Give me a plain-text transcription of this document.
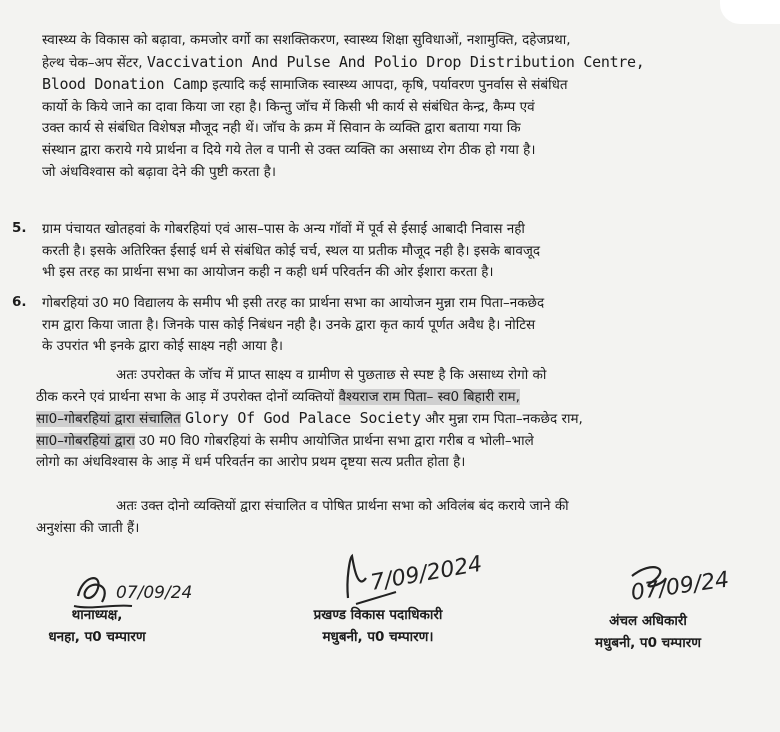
स्वास्थ्य के विकास को बढ़ावा, कमजोर वर्गो का सशक्तिकरण, स्वास्थ्य शिक्षा सुविधाओं, नशामुक्ति, दहेजप्रथा,

हेल्थ चेक–अप सेंटर, Vaccivation And Pulse And Polio Drop Distribution Centre,

Blood Donation Camp इत्यादि कई सामाजिक स्वास्थ्य आपदा, कृषि, पर्यावरण पुनर्वास से संबंधित

कार्यो के किये जाने का दावा किया जा रहा है। किन्तु जॉच में किसी भी कार्य से संबंधित केन्द्र, कैम्प एवं

उक्त कार्य से संबंधित विशेषज्ञ मौजूद नही थें। जॉच के क्रम में सिवान के व्यक्ति द्वारा बताया गया कि

संस्थान द्वारा कराये गये प्रार्थना व दिये गये तेल व पानी से उक्त व्यक्ति का असाध्य रोग ठीक हो गया है।

जो अंधविश्वास को बढ़ावा देने की पुष्टी करता है।

5. ग्राम पंचायत खोतहवां के गोबरहियां एवं आस–पास के अन्य गॉवों में पूर्व से ईसाई आबादी निवास नही

करती है। इसके अतिरिक्त ईसाई धर्म से संबंधित कोई चर्च, स्थल या प्रतीक मौजूद नही है। इसके बावजूद

भी इस तरह का प्रार्थना सभा का आयोजन कही न कही धर्म परिवर्तन की ओर ईशारा करता है।

6. गोबरहियां उ0 म0 विद्यालय के समीप भी इसी तरह का प्रार्थना सभा का आयोजन मुन्ना राम पिता–नकछेद

राम द्वारा किया जाता है। जिनके पास कोई निबंधन नही है। उनके द्वारा कृत कार्य पूर्णत अवैध है। नोटिस

के उपरांत भी इनके द्वारा कोई साक्ष्य नही आया है।

अतः उपरोक्त के जॉच में प्राप्त साक्ष्य व ग्रामीण से पुछताछ से स्पष्ट है कि असाध्य रोगो को

ठीक करने एवं प्रार्थना सभा के आड़ में उपरोक्त दोनों व्यक्तियों वैश्यराज राम पिता– स्व0 बिहारी राम,

सा0–गोबरहियां द्वारा संचालित Glory Of God Palace Society और मुन्ना राम पिता–नकछेद राम,

सा0–गोबरहियां द्वारा उ0 म0 वि0 गोबरहियां के समीप आयोजित प्रार्थना सभा द्वारा गरीब व भोली–भाले

लोगो का अंधविश्वास के आड़ में धर्म परिवर्तन का आरोप प्रथम दृष्टया सत्य प्रतीत होता है।

अतः उक्त दोनो व्यक्तियों द्वारा संचालित व पोषित प्रार्थना सभा को अविलंब बंद कराये जाने की

अनुशंसा की जाती हैं।

07/09/24	7/09/2024	07/09/24
थानाध्यक्ष,
धनहा, प0 चम्पारण
प्रखण्ड विकास पदाधिकारी
मधुबनी, प0 चम्पारण।
अंचल अधिकारी
मधुबनी, प0 चम्पारण
